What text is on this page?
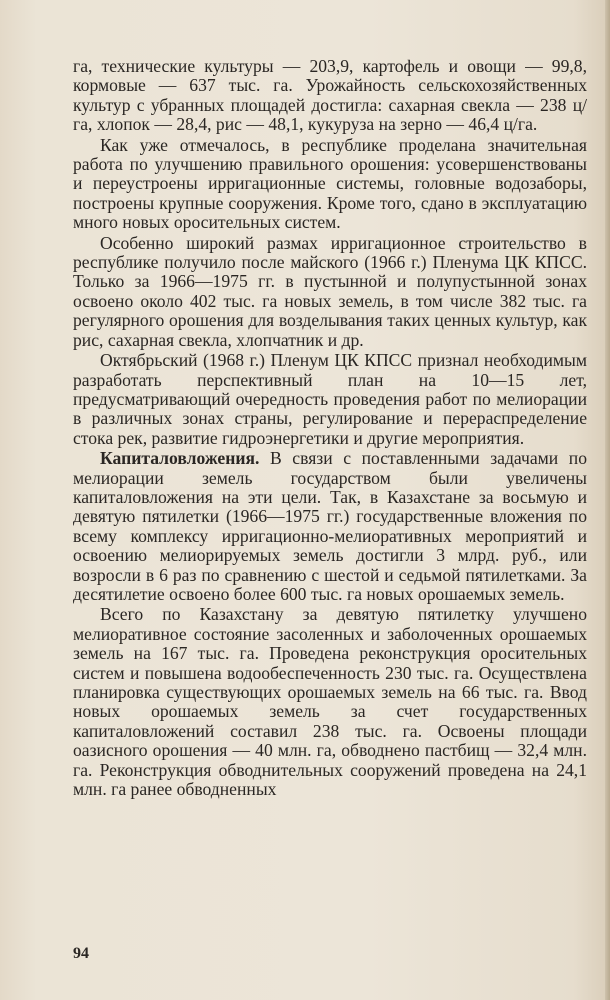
га, технические культуры — 203,9, картофель и овощи — 99,8, кормовые — 637 тыс. га. Урожайность сельскохозяйственных культур с убранных площадей достигла: сахарная свекла — 238 ц/га, хлопок — 28,4, рис — 48,1, кукуруза на зерно — 46,4 ц/га.

Как уже отмечалось, в республике проделана значительная работа по улучшению правильного орошения: усовершенствованы и переустроены ирригационные системы, головные водозаборы, построены крупные сооружения. Кроме того, сдано в эксплуатацию много новых оросительных систем.

Особенно широкий размах ирригационное строительство в республике получило после майского (1966 г.) Пленума ЦК КПСС. Только за 1966—1975 гг. в пустынной и полупустынной зонах освоено около 402 тыс. га новых земель, в том числе 382 тыс. га регулярного орошения для возделывания таких ценных культур, как рис, сахарная свекла, хлопчатник и др.

Октябрьский (1968 г.) Пленум ЦК КПСС признал необходимым разработать перспективный план на 10—15 лет, предусматривающий очередность проведения работ по мелиорации в различных зонах страны, регулирование и перераспределение стока рек, развитие гидроэнергетики и другие мероприятия.

Капиталовложения. В связи с поставленными задачами по мелиорации земель государством были увеличены капиталовложения на эти цели. Так, в Казахстане за восьмую и девятую пятилетки (1966—1975 гг.) государственные вложения по всему комплексу ирригационно-мелиоративных мероприятий и освоению мелиорируемых земель достигли 3 млрд. руб., или возросли в 6 раз по сравнению с шестой и седьмой пятилетками. За десятилетие освоено более 600 тыс. га новых орошаемых земель.

Всего по Казахстану за девятую пятилетку улучшено мелиоративное состояние засоленных и заболоченных орошаемых земель на 167 тыс. га. Проведена реконструкция оросительных систем и повышена водообеспеченность 230 тыс. га. Осуществлена планировка существующих орошаемых земель на 66 тыс. га. Ввод новых орошаемых земель за счет государственных капиталовложений составил 238 тыс. га. Освоены площади оазисного орошения — 40 млн. га, обводнено пастбищ — 32,4 млн. га. Реконструкция обводнительных сооружений проведена на 24,1 млн. га ранее обводненных

94
